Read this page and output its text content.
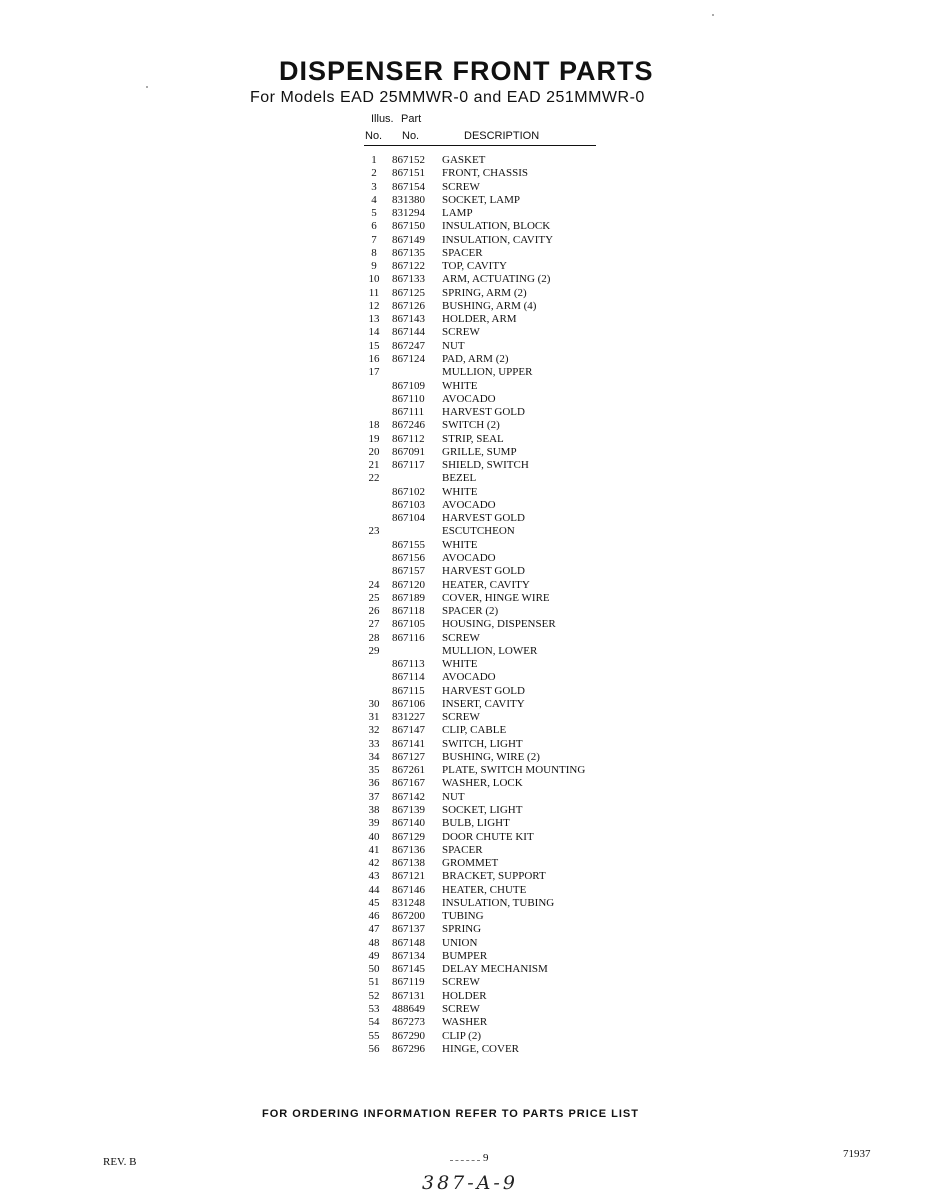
DISPENSER FRONT PARTS
For Models EAD 25MMWR-0 and EAD 251MMWR-0
Illus. Part
No. No.	DESCRIPTION
1	867152 GASKET
2	867151 FRONT, CHASSIS
3	867154 SCREW
4	831380 SOCKET, LAMP
5	831294 LAMP
6	867150 INSULATION, BLOCK
7	867149 INSULATION, CAVITY
8	867135 SPACER
9	867122 TOP, CAVITY
10	867133 ARM, ACTUATING (2)
11	867125 SPRING, ARM (2)
12	867126 BUSHING, ARM (4)
13	867143 HOLDER, ARM
14	867144 SCREW
15	867247 NUT
16	867124 PAD, ARM (2)
17	MULLION, UPPER
867109 WHITE
867110 AVOCADO
867111 HARVEST GOLD
18	867246 SWITCH (2)
19	867112 STRIP, SEAL
20	867091 GRILLE, SUMP
21	867117 SHIELD, SWITCH
22	BEZEL
867102 WHITE
867103 AVOCADO
867104 HARVEST GOLD
23	ESCUTCHEON
867155 WHITE
867156 AVOCADO
867157 HARVEST GOLD
24	867120 HEATER, CAVITY
25	867189 COVER, HINGE WIRE
26	867118 SPACER (2)
27	867105 HOUSING, DISPENSER
28	867116 SCREW
29	MULLION, LOWER
867113 WHITE
867114 AVOCADO
867115 HARVEST GOLD
30	867106 INSERT, CAVITY
31	831227 SCREW
32	867147 CLIP, CABLE
33	867141 SWITCH, LIGHT
34	867127 BUSHING, WIRE (2)
35	867261 PLATE, SWITCH MOUNTING
36	867167 WASHER, LOCK
37	867142 NUT
38	867139 SOCKET, LIGHT
39	867140 BULB, LIGHT
40	867129 DOOR CHUTE KIT
41	867136 SPACER
42	867138 GROMMET
43	867121 BRACKET, SUPPORT
44	867146 HEATER, CHUTE
45	831248 INSULATION, TUBING
46	867200 TUBING
47	867137 SPRING
48	867148 UNION
49	867134 BUMPER
50	867145 DELAY MECHANISM
51	867119 SCREW
52	867131 HOLDER
53	488649 SCREW
54	867273 WASHER
55	867290 CLIP (2)
56	867296 HINGE, COVER
FOR ORDERING INFORMATION REFER TO PARTS PRICE LIST
REV. B	9	71937
387-A-9
